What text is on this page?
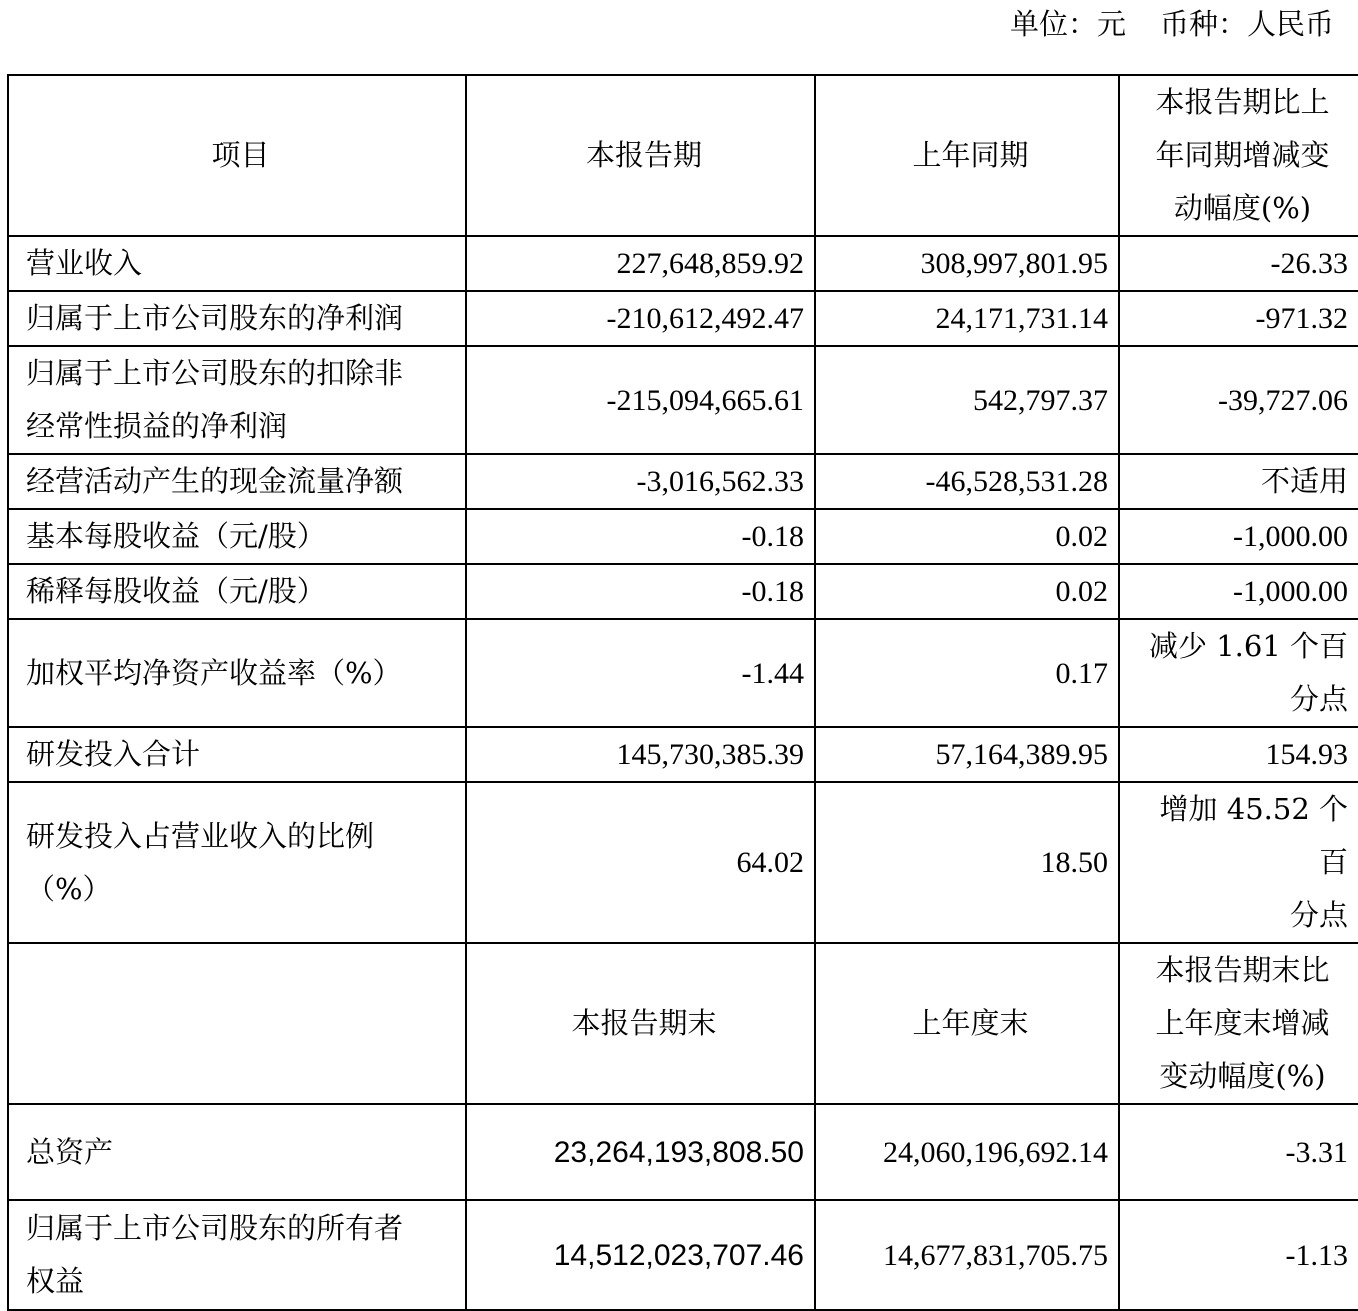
单位：元 币种：人民币
项目	本报告期	上年同期	本报告期比上
年同期增减变
动幅度(%)

营业收入	227,648,859.92	308,997,801.95	-26.33
归属于上市公司股东的净利润	-210,612,492.47	24,171,731.14	-971.32

归属于上市公司股东的扣除非
经常性损益的净利润	-215,094,665.61	542,797.37	-39,727.06
经营活动产生的现金流量净额	-3,016,562.33	-46,528,531.28	不适用
基本每股收益（元/股）	-0.18	0.02	-1,000.00
稀释每股收益（元/股）	-0.18	0.02	-1,000.00
加权平均净资产收益率（%）	-1.44	0.17	减少 1.61 个百
分点

研发投入合计	145,730,385.39	57,164,389.95	154.93

研发投入占营业收入的比例
（%）	64.02	18.50	增加 45.52 个百
分点

	本报告期末	上年度末	本报告期末比
上年度末增减
变动幅度(%)

总资产	23,264,193,808.50	24,060,196,692.14	-3.31

归属于上市公司股东的所有者
权益	14,512,023,707.46	14,677,831,705.75	-1.13
